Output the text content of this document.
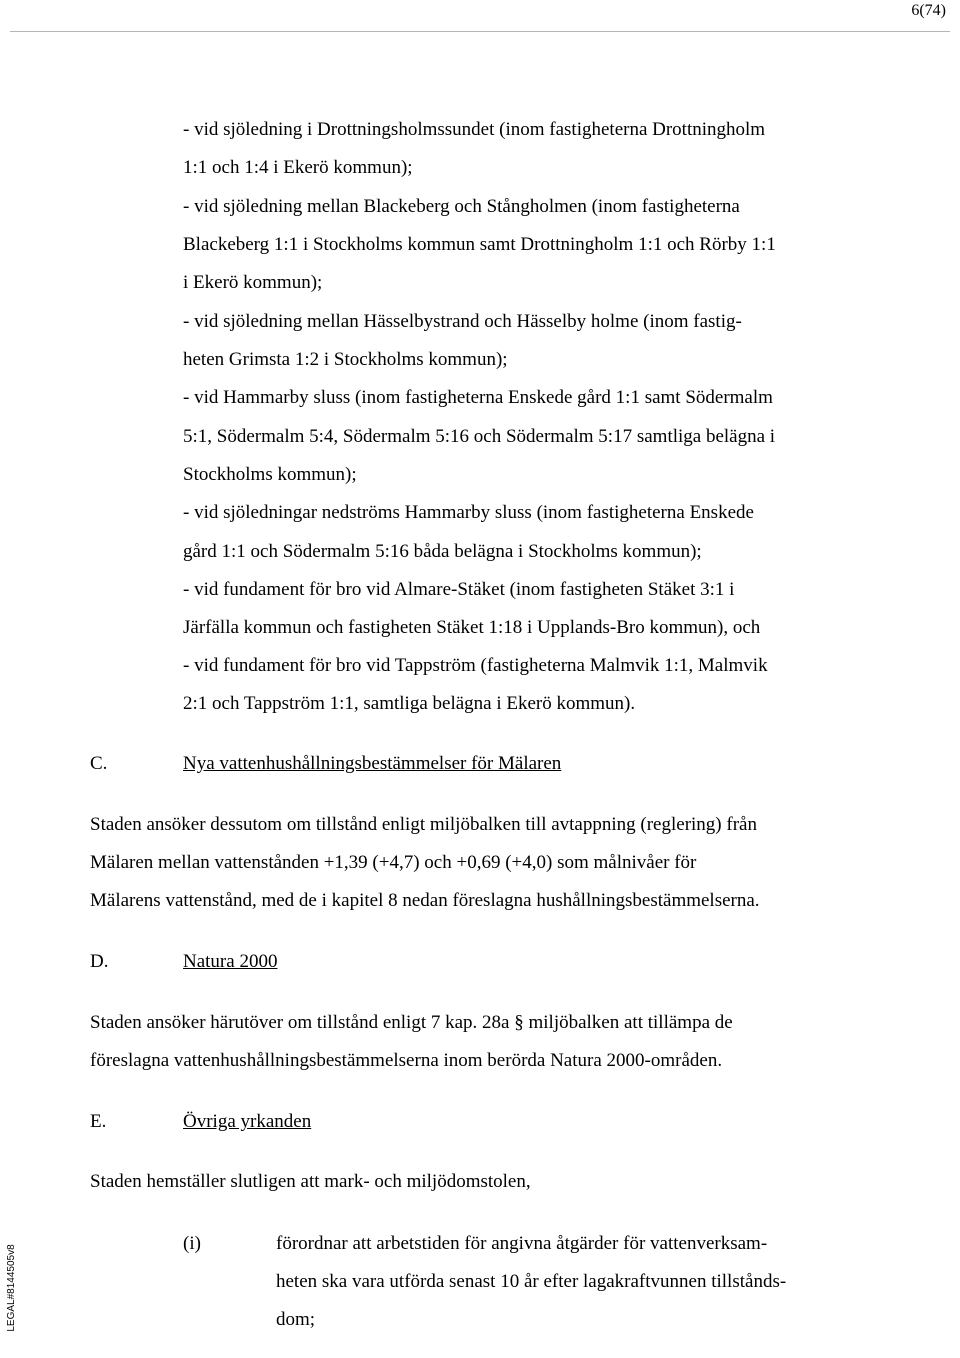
6(74)
- vid sjöledning i Drottningsholmssundet (inom fastigheterna Drottningholm
1:1 och 1:4 i Ekerö kommun);
- vid sjöledning mellan Blackeberg och Stångholmen (inom fastigheterna
Blackeberg 1:1 i Stockholms kommun samt Drottningholm 1:1 och Rörby 1:1
i Ekerö kommun);
- vid sjöledning mellan Hässelbystrand och Hässelby holme (inom fastig-
heten Grimsta 1:2 i Stockholms kommun);
- vid Hammarby sluss (inom fastigheterna Enskede gård 1:1 samt Södermalm
5:1, Södermalm 5:4, Södermalm 5:16 och Södermalm 5:17 samtliga belägna i
Stockholms kommun);
- vid sjöledningar nedströms Hammarby sluss (inom fastigheterna Enskede
gård 1:1 och Södermalm 5:16 båda belägna i Stockholms kommun);
- vid fundament för bro vid Almare-Stäket (inom fastigheten Stäket 3:1 i
Järfälla kommun och fastigheten Stäket 1:18 i Upplands-Bro kommun), och
- vid fundament för bro vid Tappström (fastigheterna Malmvik 1:1, Malmvik
2:1 och Tappström 1:1, samtliga belägna i Ekerö kommun).
C.	Nya vattenhushållningsbestämmelser för Mälaren
Staden ansöker dessutom om tillstånd enligt miljöbalken till avtappning (reglering) från
Mälaren mellan vattenstånden +1,39 (+4,7) och +0,69 (+4,0) som målnivåer för
Mälarens vattenstånd, med de i kapitel 8 nedan föreslagna hushållningsbestämmelserna.
D.	Natura 2000
Staden ansöker härutöver om tillstånd enligt 7 kap. 28a § miljöbalken att tillämpa de
föreslagna vattenhushållningsbestämmelserna inom berörda Natura 2000-områden.
E.	Övriga yrkanden
Staden hemställer slutligen att mark- och miljödomstolen,
(i)	förordnar att arbetstiden för angivna åtgärder för vattenverksam-
heten ska vara utförda senast 10 år efter lagakraftvunnen tillstånds-
dom;
LEGAL#8144505v8
